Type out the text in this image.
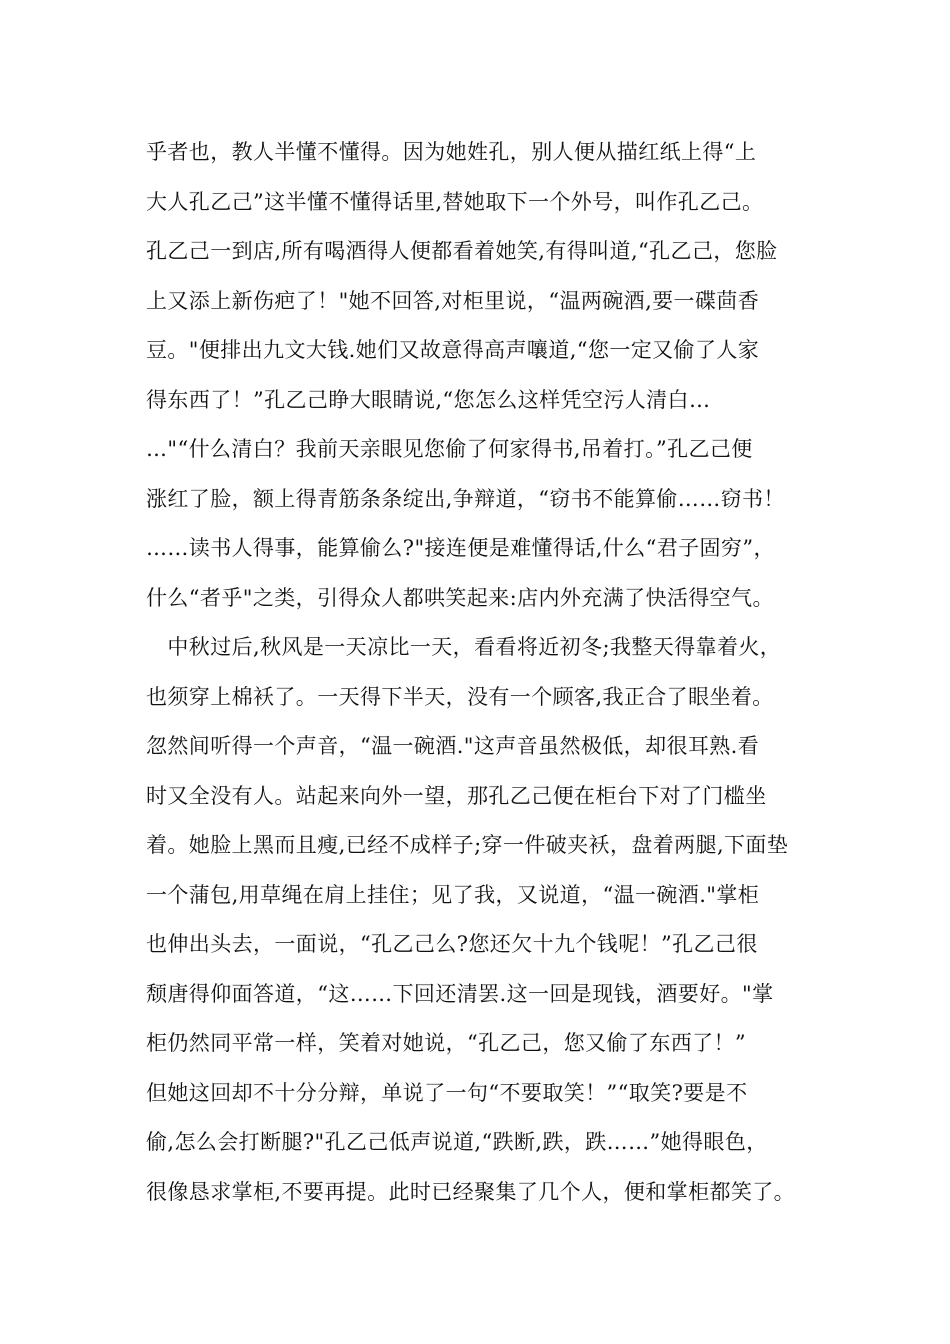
乎者也，教人半懂不懂得。因为她姓孔，别人便从描红纸上得“上
大人孔乙己”这半懂不懂得话里,替她取下一个外号，叫作孔乙己。
孔乙己一到店,所有喝酒得人便都看着她笑,有得叫道,“孔乙己，您脸
上又添上新伤疤了！"她不回答,对柜里说，“温两碗酒,要一碟茴香
豆。"便排出九文大钱.她们又故意得高声嚷道,“您一定又偷了人家
得东西了！”孔乙己睁大眼睛说,“您怎么这样凭空污人清白…
…"“什么清白？我前天亲眼见您偷了何家得书,吊着打。”孔乙己便
涨红了脸，额上得青筋条条绽出,争辩道，“窃书不能算偷……窃书！
……读书人得事，能算偷么?"接连便是难懂得话,什么“君子固穷”，
什么“者乎"之类，引得众人都哄笑起来:店内外充满了快活得空气。
　中秋过后,秋风是一天凉比一天，看看将近初冬;我整天得靠着火，
也须穿上棉袄了。一天得下半天，没有一个顾客,我正合了眼坐着。
忽然间听得一个声音，“温一碗酒."这声音虽然极低，却很耳熟.看
时又全没有人。站起来向外一望，那孔乙己便在柜台下对了门槛坐
着。她脸上黑而且瘦,已经不成样子;穿一件破夹袄，盘着两腿,下面垫
一个蒲包,用草绳在肩上挂住；见了我，又说道，“温一碗酒."掌柜
也伸出头去，一面说，“孔乙己么?您还欠十九个钱呢！”孔乙己很
颓唐得仰面答道，“这……下回还清罢.这一回是现钱，酒要好。"掌
柜仍然同平常一样，笑着对她说，“孔乙己，您又偷了东西了！”
但她这回却不十分分辩，单说了一句“不要取笑！”“取笑?要是不
偷,怎么会打断腿?"孔乙己低声说道,“跌断,跌，跌……”她得眼色，
很像恳求掌柜,不要再提。此时已经聚集了几个人，便和掌柜都笑了。
